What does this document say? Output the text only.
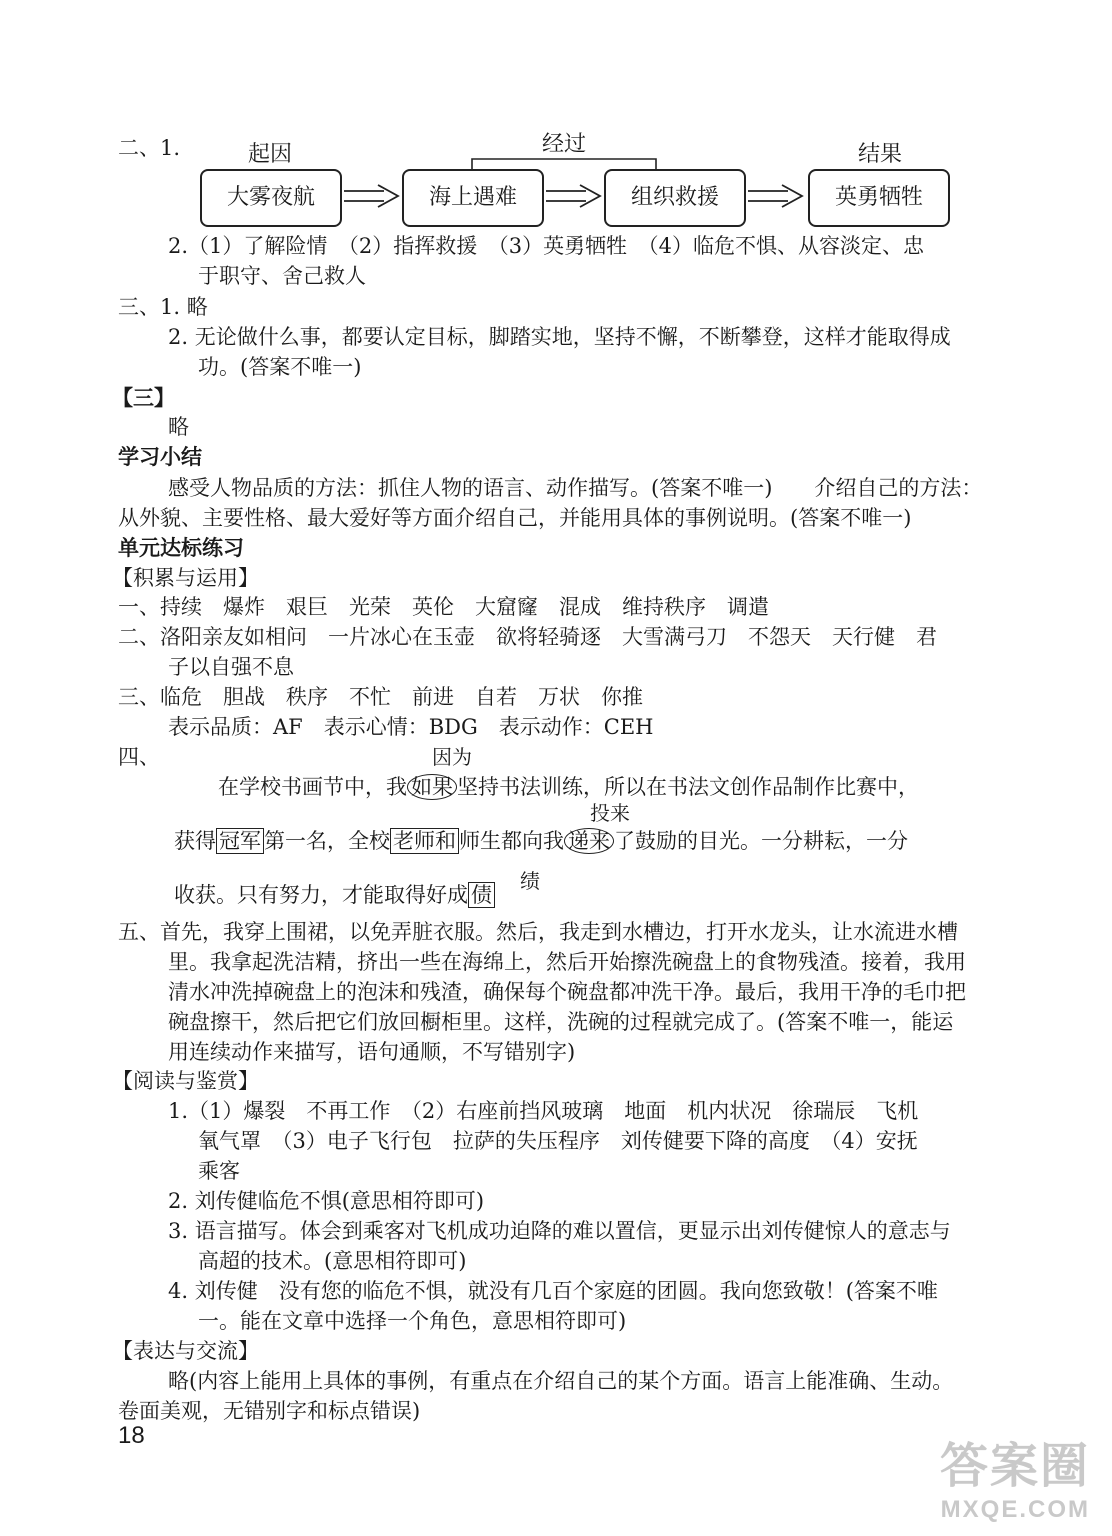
二、1.	起因	经过	结果
大雾夜航	海上遇难	组织救援	英勇牺牲
2.（1）了解险情　（2）指挥救援　（3）英勇牺牲　（4）临危不惧、从容淡定、忠
于职守、舍己救人
三、1. 略
2. 无论做什么事，都要认定目标，脚踏实地，坚持不懈，不断攀登，这样才能取得成
功。(答案不唯一)
【三】
略
学习小结
感受人物品质的方法：抓住人物的语言、动作描写。(答案不唯一)　　介绍自己的方法：
从外貌、主要性格、最大爱好等方面介绍自己，并能用具体的事例说明。(答案不唯一)
单元达标练习
【积累与运用】
一、持续　爆炸　艰巨　光荣　英伦　大窟窿　混成　维持秩序　调遣
二、洛阳亲友如相问　一片冰心在玉壶　欲将轻骑逐　大雪满弓刀　不怨天　天行健　君
子以自强不息
三、临危　胆战　秩序　不忙　前进　自若　万状　你推
表示品质：AF　表示心情：BDG　表示动作：CEH
四、	因为
在学校书画节中，我 如果 坚持书法训练，所以在书法文创作品制作比赛中，
投来
获得 冠军 第一名，全校 老师和 师生都向我 递来 了鼓励的目光。一分耕耘，一分
收获。只有努力，才能取得好成 债
绩
五、首先，我穿上围裙，以免弄脏衣服。然后，我走到水槽边，打开水龙头，让水流进水槽
里。我拿起洗洁精，挤出一些在海绵上，然后开始擦洗碗盘上的食物残渣。接着，我用
清水冲洗掉碗盘上的泡沫和残渣，确保每个碗盘都冲洗干净。最后，我用干净的毛巾把
碗盘擦干，然后把它们放回橱柜里。这样，洗碗的过程就完成了。(答案不唯一，能运
用连续动作来描写，语句通顺，不写错别字)
【阅读与鉴赏】
1.（1）爆裂　不再工作　（2）右座前挡风玻璃　地面　机内状况　徐瑞辰　飞机
氧气罩　（3）电子飞行包　拉萨的失压程序　刘传健要下降的高度　（4）安抚
乘客
2. 刘传健临危不惧(意思相符即可)
3. 语言描写。体会到乘客对飞机成功迫降的难以置信，更显示出刘传健惊人的意志与
高超的技术。(意思相符即可)
4. 刘传健　没有您的临危不惧，就没有几百个家庭的团圆。我向您致敬！(答案不唯
一。能在文章中选择一个角色，意思相符即可)
【表达与交流】
略(内容上能用上具体的事例，有重点在介绍自己的某个方面。语言上能准确、生动。
卷面美观，无错别字和标点错误)
18
答案圈
MXQE.COM
